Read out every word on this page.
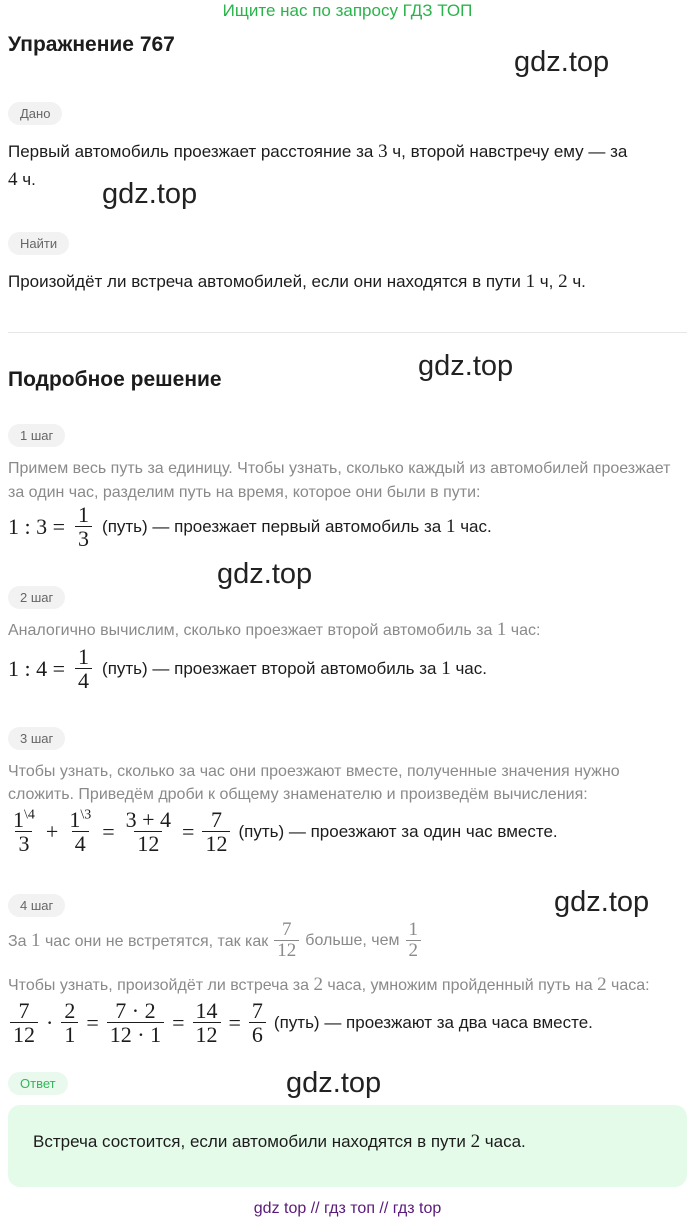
Ищите нас по запросу ГДЗ ТОП
Упражнение 767
gdz.top
gdz.top
gdz.top
gdz.top
gdz.top
gdz.top
Дано
Первый автомобиль проезжает расстояние за 3 ч, второй навстречу ему — за
4 ч.
Найти
Произойдёт ли встреча автомобилей, если они находятся в пути 1 ч, 2 ч.
Подробное решение
1 шаг
Примем весь путь за единицу. Чтобы узнать, сколько каждый из автомобилей проезжает
за один час, разделим путь на время, которое они были в пути:
1 : $3 = \frac{1}{3}$ (путь) — проезжает первый автомобиль за 1 час.
2 шаг
Аналогично вычислим, сколько проезжает второй автомобиль за 1 час:
1 : $4 = \frac{1}{4}$ (путь) — проезжает второй автомобиль за 1 час.
3 шаг
Чтобы узнать, сколько за час они проезжают вместе, полученные значения нужно
сложить. Приведём дроби к общему знаменателю и произведём вычисления:
$\frac{1^{\backslash 4}}{3} + \frac{1^{\backslash 3}}{4} = \frac{3 + 4}{12} = \frac{7}{12}$ (путь) — проезжают за один час вместе.
4 шаг
За 1 час они не встретятся, так как $\frac{7}{12}$ больше, чем $\frac{1}{2}$
Чтобы узнать, произойдёт ли встреча за 2 часа, умножим пройденный путь на 2 часа:
$\frac{7}{12} \cdot \frac{2}{1} = \frac{7 \cdot 2}{12 \cdot 1} = \frac{14}{12} = \frac{7}{6}$ (путь) — проезжают за два часа вместе.
Ответ
Встреча состоится, если автомобили находятся в пути 2 часа.
gdz top // гдз топ // гдз top
